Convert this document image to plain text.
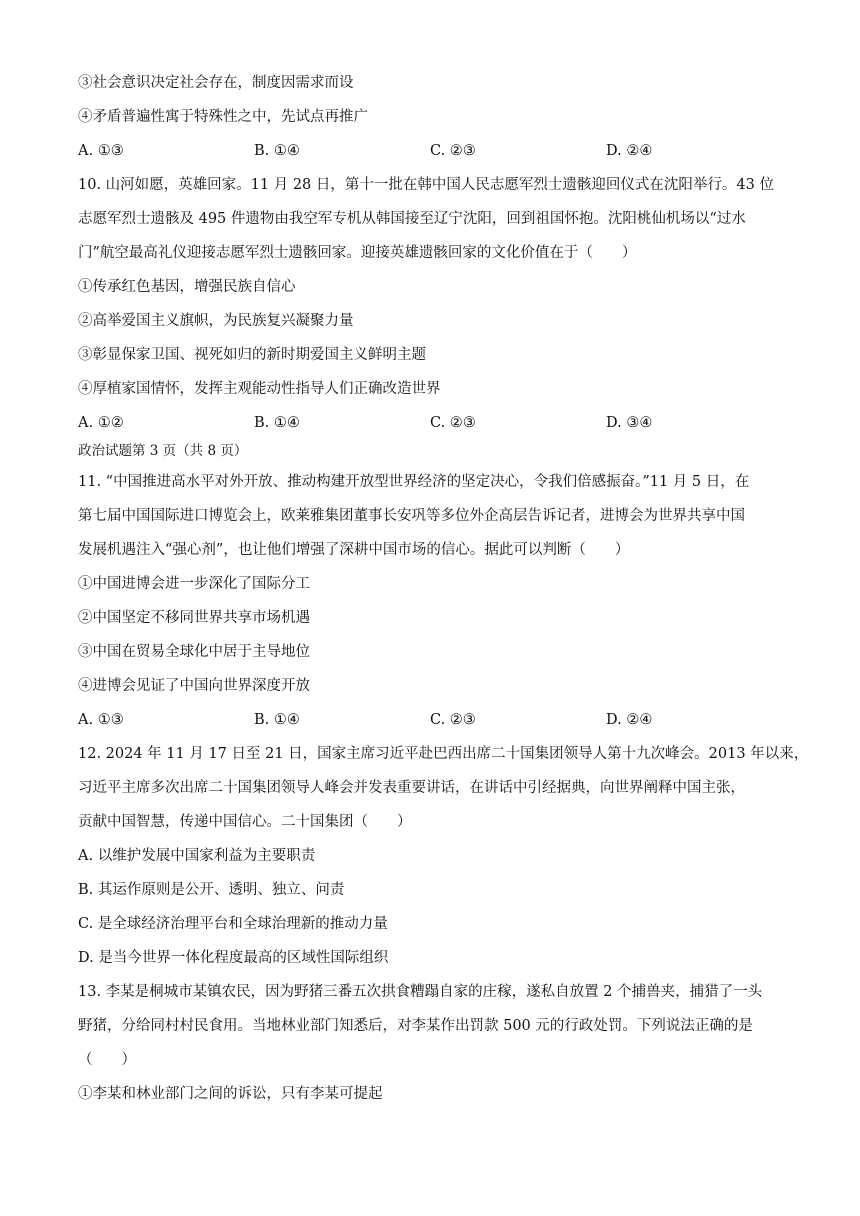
③社会意识决定社会存在，制度因需求而设
④矛盾普遍性寓于特殊性之中，先试点再推广
A. ①③	B. ①④	C. ②③	D. ②④
10. 山河如愿，英雄回家。11 月 28 日，第十一批在韩中国人民志愿军烈士遗骸迎回仪式在沈阳举行。43 位
志愿军烈士遗骸及 495 件遗物由我空军专机从韩国接至辽宁沈阳，回到祖国怀抱。沈阳桃仙机场以“过水
门”航空最高礼仪迎接志愿军烈士遗骸回家。迎接英雄遗骸回家的文化价值在于（　　）
①传承红色基因，增强民族自信心
②高举爱国主义旗帜，为民族复兴凝聚力量
③彰显保家卫国、视死如归的新时期爱国主义鲜明主题
④厚植家国情怀，发挥主观能动性指导人们正确改造世界
A. ①②	B. ①④	C. ②③	D. ③④
政治试题第 3 页（共 8 页）
11. “中国推进高水平对外开放、推动构建开放型世界经济的坚定决心，令我们倍感振奋。”11 月 5 日，在
第七届中国国际进口博览会上，欧莱雅集团董事长安巩等多位外企高层告诉记者，进博会为世界共享中国
发展机遇注入“强心剂”，也让他们增强了深耕中国市场的信心。据此可以判断（　　）
①中国进博会进一步深化了国际分工
②中国坚定不移同世界共享市场机遇
③中国在贸易全球化中居于主导地位
④进博会见证了中国向世界深度开放
A. ①③	B. ①④	C. ②③	D. ②④
12. 2024 年 11 月 17 日至 21 日，国家主席习近平赴巴西出席二十国集团领导人第十九次峰会。2013 年以来，
习近平主席多次出席二十国集团领导人峰会并发表重要讲话，在讲话中引经据典，向世界阐释中国主张，
贡献中国智慧，传递中国信心。二十国集团（　　）
A. 以维护发展中国家利益为主要职责
B. 其运作原则是公开、透明、独立、问责
C. 是全球经济治理平台和全球治理新的推动力量
D. 是当今世界一体化程度最高的区域性国际组织
13. 李某是桐城市某镇农民，因为野猪三番五次拱食糟蹋自家的庄稼，遂私自放置 2 个捕兽夹，捕猎了一头
野猪，分给同村村民食用。当地林业部门知悉后，对李某作出罚款 500 元的行政处罚。下列说法正确的是
（　　）
①李某和林业部门之间的诉讼，只有李某可提起
